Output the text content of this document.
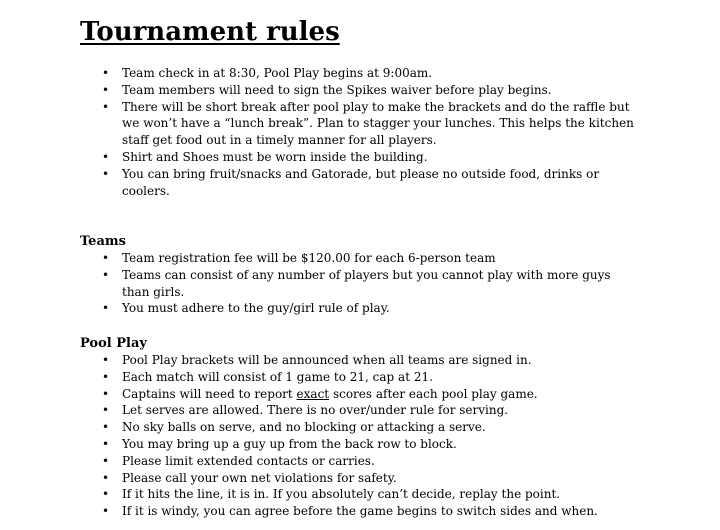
Tournament rules
• Team check in at 8:30, Pool Play begins at 9:00am.
• Team members will need to sign the Spikes waiver before play begins.
• There will be short break after pool play to make the brackets and do the raffle but we won’t have a “lunch break”. Plan to stagger your lunches. This helps the kitchen staff get food out in a timely manner for all players.
• Shirt and Shoes must be worn inside the building.
• You can bring fruit/snacks and Gatorade, but please no outside food, drinks or coolers.
Teams
• Team registration fee will be $120.00 for each 6-person team
• Teams can consist of any number of players but you cannot play with more guys than girls.
• You must adhere to the guy/girl rule of play.
Pool Play
• Pool Play brackets will be announced when all teams are signed in.
• Each match will consist of 1 game to 21, cap at 21.
• Captains will need to report exact scores after each pool play game.
• Let serves are allowed. There is no over/under rule for serving.
• No sky balls on serve, and no blocking or attacking a serve.
• You may bring up a guy up from the back row to block.
• Please limit extended contacts or carries.
• Please call your own net violations for safety.
• If it hits the line, it is in. If you absolutely can’t decide, replay the point.
• If it is windy, you can agree before the game begins to switch sides and when.
